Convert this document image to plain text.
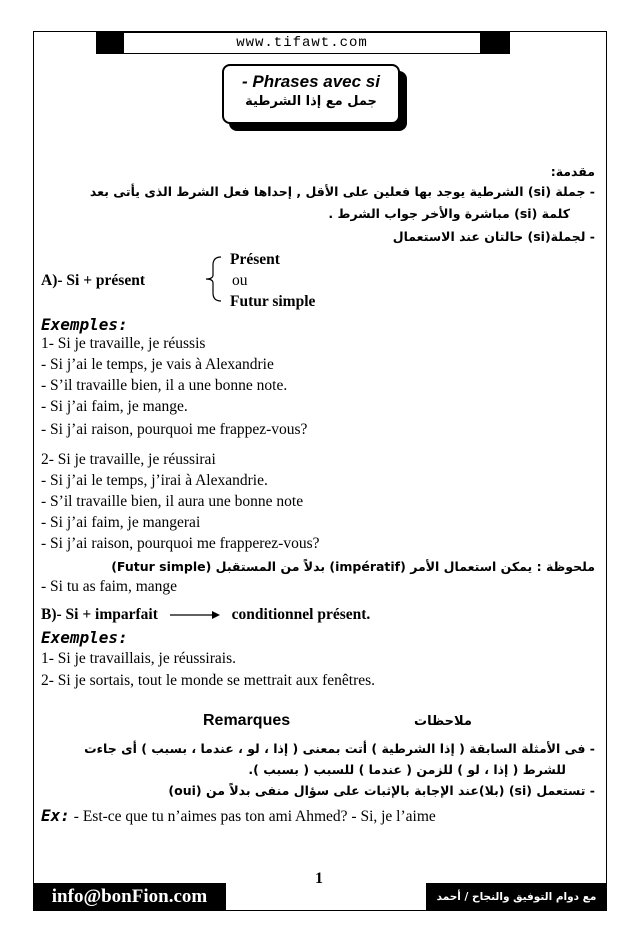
www.tifawt.com
- Phrases avec si
جمل مع إذا الشرطية
مقدمة:
- جملة (si) الشرطية يوجد بها فعلين على الأقل , إحداها فعل الشرط الذى يأتى بعد
كلمة (si) مباشرة والأخر جواب الشرط .
- لجملة(si) حالتان عند الاستعمال
A)- Si + présent
Présent
ou
Futur simple
Exemples:
1- Si je travaille, je réussis
- Si j’ai le temps, je vais à Alexandrie
- S’il travaille bien, il a une bonne note.
- Si j’ai faim, je mange.
- Si j’ai raison, pourquoi me frappez-vous?
2- Si je travaille, je réussirai
- Si j’ai le temps, j’irai à Alexandrie.
- S’il travaille bien, il aura une bonne note
- Si j’ai faim, je mangerai
- Si j’ai raison, pourquoi me frapperez-vous?
ملحوظة : يمكن استعمال الأمر (impératif) بدلاً من المستقبل (Futur simple)
- Si tu as faim, mange
B)- Si + imparfait	conditionnel présent.
Exemples:
1- Si je travaillais, je réussirais.
2- Si je sortais, tout le monde se mettrait aux fenêtres.
Remarques	ملاحظات
- فى الأمثلة السابقة ( إذا الشرطية ) أتت بمعنى ( إذا ، لو ، عندما ، بسبب ) أى جاءت
للشرط ( إذا ، لو ) للزمن ( عندما ) للسبب ( بسبب ).
- تستعمل (si) (بلا)عند الإجابة بالإثبات على سؤال منفى بدلاً من (oui)
Ex: - Est-ce que tu n’aimes pas ton ami Ahmed? - Si, je l’aime
1
info@bonFion.com	مع دوام التوفيق والنجاح / أحمد شلبى
